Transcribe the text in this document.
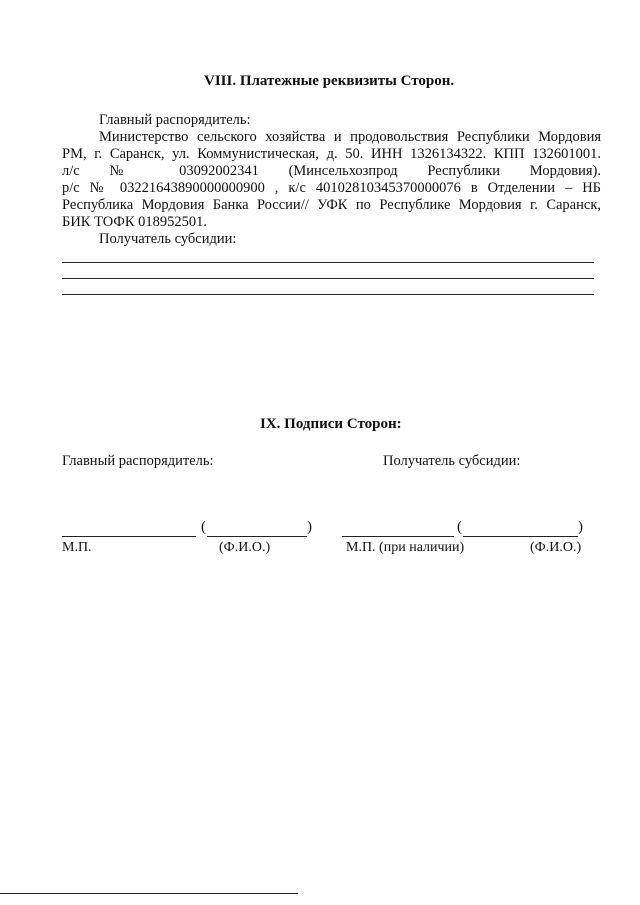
VIII. Платежные реквизиты Сторон.
Главный распорядитель:
Министерство сельского хозяйства и продовольствия Республики Мордовия
РМ, г. Саранск, ул. Коммунистическая, д. 50. ИНН 1326134322. КПП 132601001.
л/с № 03092002341 (Минсельхозпрод Республики Мордовия).
р/с № 03221643890000000900 , к/с 40102810345370000076 в Отделении – НБ
Республика Мордовия Банка России// УФК по Республике Мордовия г. Саранск,
БИК ТОФК 018952501.
Получатель субсидии:
IX. Подписи Сторон:
Главный распорядитель:	Получатель субсидии:
(	)
М.П.	(Ф.И.О.)
(	)
М.П. (при наличии)	(Ф.И.О.)
